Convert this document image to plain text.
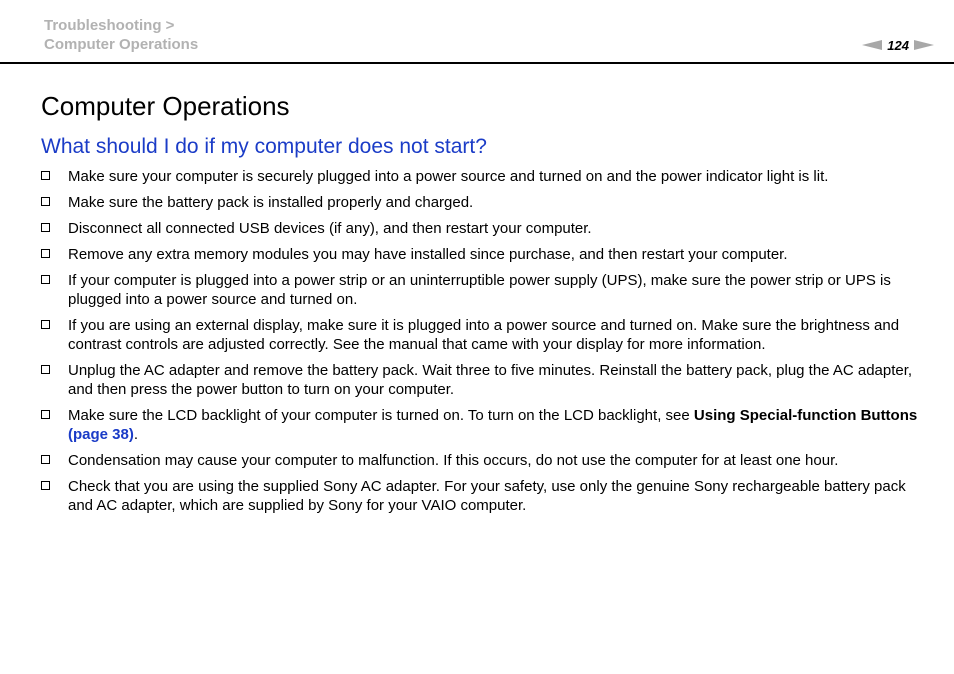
Troubleshooting >
Computer Operations	124
Computer Operations
What should I do if my computer does not start?
Make sure your computer is securely plugged into a power source and turned on and the power indicator light is lit.
Make sure the battery pack is installed properly and charged.
Disconnect all connected USB devices (if any), and then restart your computer.
Remove any extra memory modules you may have installed since purchase, and then restart your computer.
If your computer is plugged into a power strip or an uninterruptible power supply (UPS), make sure the power strip or UPS is plugged into a power source and turned on.
If you are using an external display, make sure it is plugged into a power source and turned on. Make sure the brightness and contrast controls are adjusted correctly. See the manual that came with your display for more information.
Unplug the AC adapter and remove the battery pack. Wait three to five minutes. Reinstall the battery pack, plug the AC adapter, and then press the power button to turn on your computer.
Make sure the LCD backlight of your computer is turned on. To turn on the LCD backlight, see Using Special-function Buttons (page 38).
Condensation may cause your computer to malfunction. If this occurs, do not use the computer for at least one hour.
Check that you are using the supplied Sony AC adapter. For your safety, use only the genuine Sony rechargeable battery pack and AC adapter, which are supplied by Sony for your VAIO computer.
